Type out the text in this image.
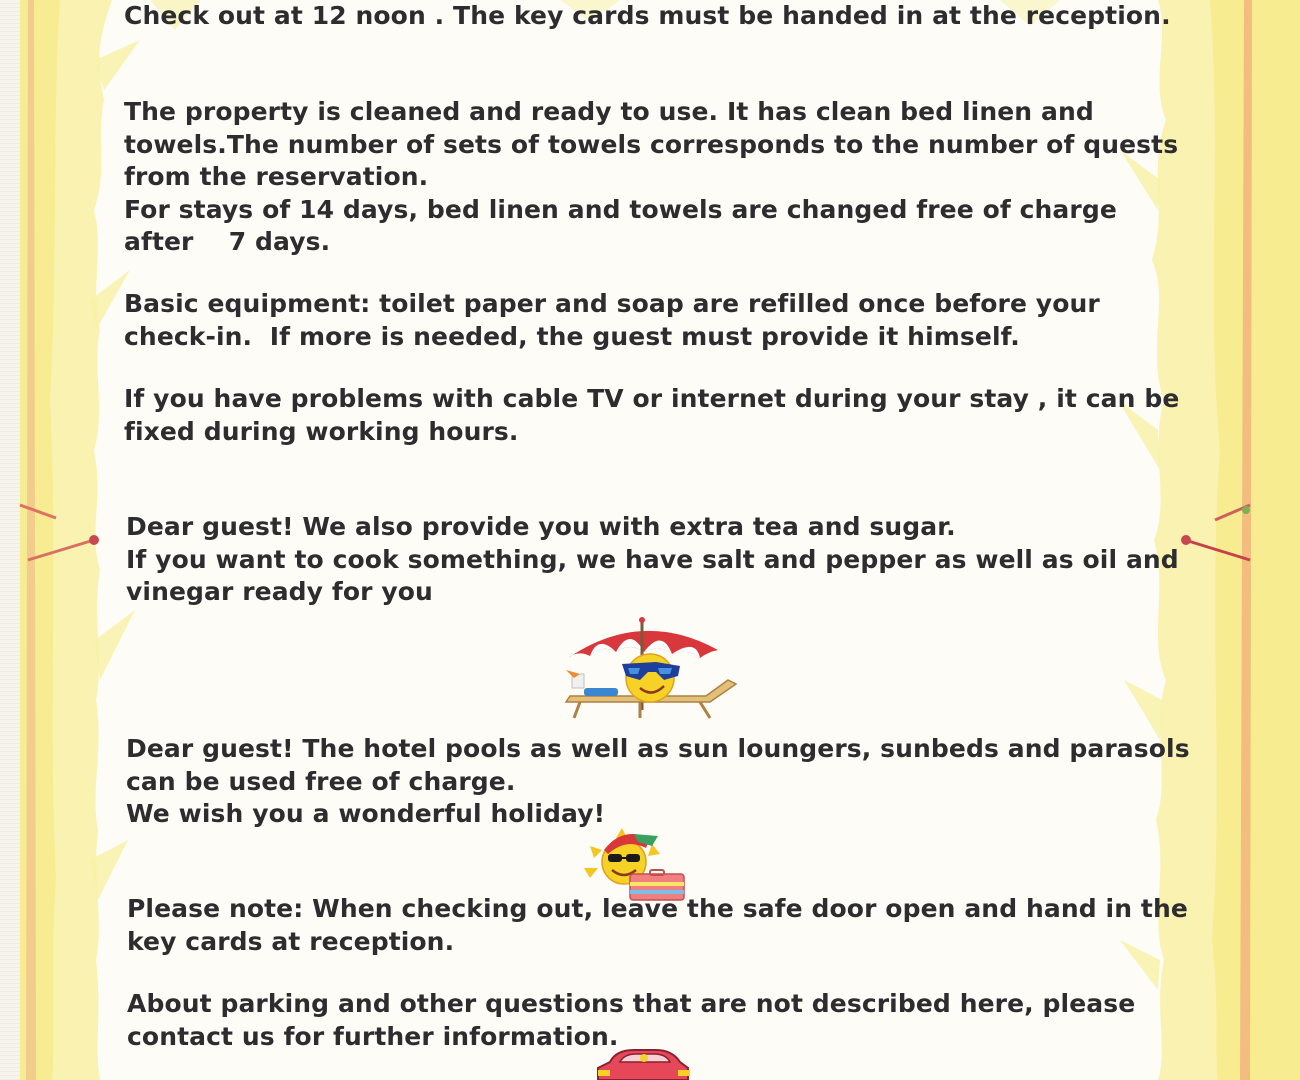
Check out at 12 noon . The key cards must be handed in at the reception.
The property is cleaned and ready to use. It has clean bed linen and
towels.The number of sets of towels corresponds to the number of quests
from the reservation.
For stays of 14 days, bed linen and towels are changed free of charge
after    7 days.
Basic equipment: toilet paper and soap are refilled once before your
check-in.  If more is needed, the guest must provide it himself.
If you have problems with cable TV or internet during your stay , it can be
fixed during working hours.
Dear guest! We also provide you with extra tea and sugar.
If you want to cook something, we have salt and pepper as well as oil and
vinegar ready for you
Dear guest! The hotel pools as well as sun loungers, sunbeds and parasols
can be used free of charge.
We wish you a wonderful holiday!
Please note: When checking out, leave the safe door open and hand in the
key cards at reception.
About parking and other questions that are not described here, please
contact us for further information.
